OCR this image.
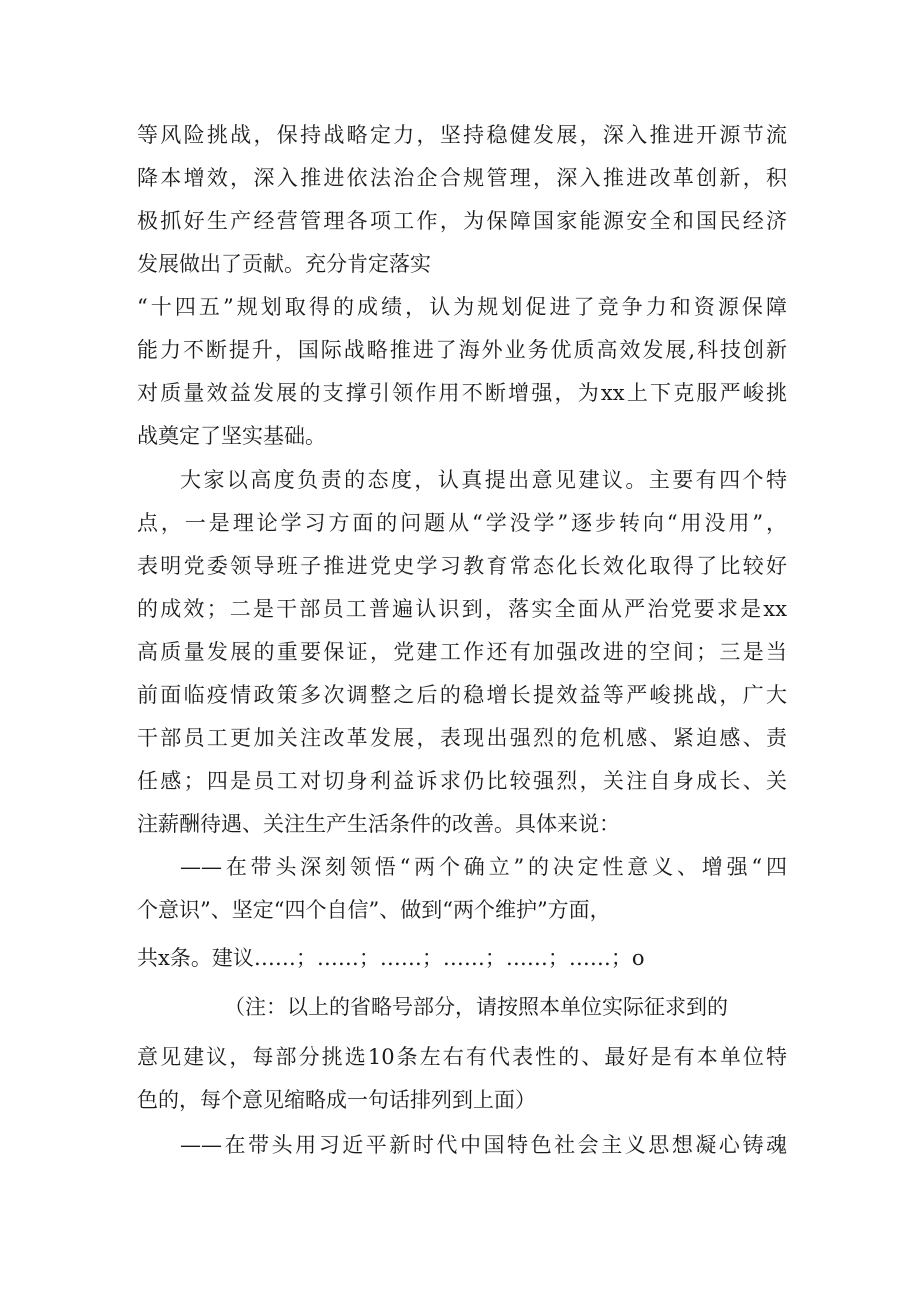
等风险挑战，保持战略定力，坚持稳健发展，深入推进开源节流

降本增效，深入推进依法治企合规管理，深入推进改革创新，积

极抓好生产经营管理各项工作，为保障国家能源安全和国民经济

发展做出了贡献。充分肯定落实

“十四五”规划取得的成绩，认为规划促进了竞争力和资源保障

能力不断提升，国际战略推进了海外业务优质高效发展,科技创新

对质量效益发展的支撑引领作用不断增强，为xx上下克服严峻挑

战奠定了坚实基础。

大家以高度负责的态度，认真提出意见建议。主要有四个特

点，一是理论学习方面的问题从“学没学”逐步转向“用没用”，

表明党委领导班子推进党史学习教育常态化长效化取得了比较好

的成效；二是干部员工普遍认识到，落实全面从严治党要求是xx

高质量发展的重要保证，党建工作还有加强改进的空间；三是当

前面临疫情政策多次调整之后的稳增长提效益等严峻挑战，广大

干部员工更加关注改革发展，表现出强烈的危机感、紧迫感、责

任感；四是员工对切身利益诉求仍比较强烈，关注自身成长、关

注薪酬待遇、关注生产生活条件的改善。具体来说：

——在带头深刻领悟“两个确立”的决定性意义、增强“四

个意识”、坚定“四个自信”、做到“两个维护”方面，

共x条。建议……；……；……；……；……；……；o

（注：以上的省略号部分，请按照本单位实际征求到的

意见建议，每部分挑选10条左右有代表性的、最好是有本单位特

色的，每个意见缩略成一句话排列到上面）

——在带头用习近平新时代中国特色社会主义思想凝心铸魂
